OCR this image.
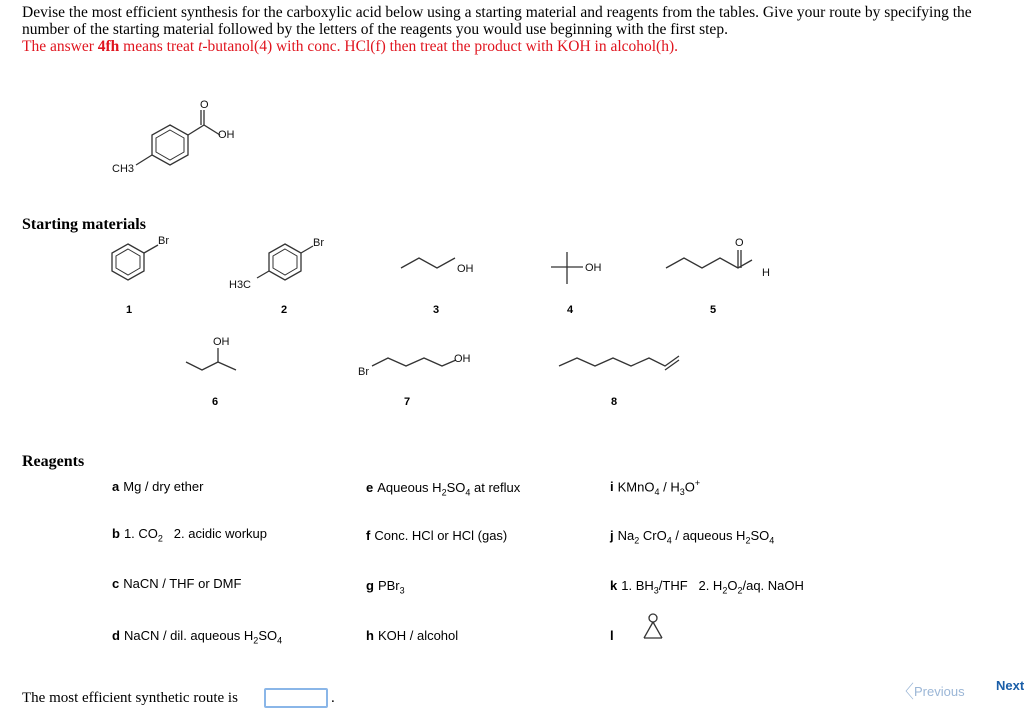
Devise the most efficient synthesis for the carboxylic acid below using a starting material and reagents from the tables. Give your route by specifying the number of the starting material followed by the letters of the reagents you would use beginning with the first step.
The answer 4fh means treat t-butanol(4) with conc. HCl(f) then treat the product with KOH in alcohol(h).
O
OH
CH3
Starting materials
Br
1
Br
H3C
2
OH
3
OH
4
O
H
5
OH
6
Br
OH
7	8
Reagents
a Mg / dry ether
b 1. $CO_2$   2. acidic workup
c NaCN / THF or DMF
d NaCN / dil. aqueous $H_2SO_4$
e Aqueous $H_2SO_4$ at reflux
f Conc. HCl or HCl (gas)
g PBr$_3$
h KOH / alcohol
i KMnO$_4$ / $H_3O^+$
j $Na_2$ CrO$_4$ / aqueous $H_2SO_4$
k 1. $BH_3$/THF   2. $H_2O_2/aq$. NaOH
l
The most efficient synthetic route is	.	〈Previous Next
